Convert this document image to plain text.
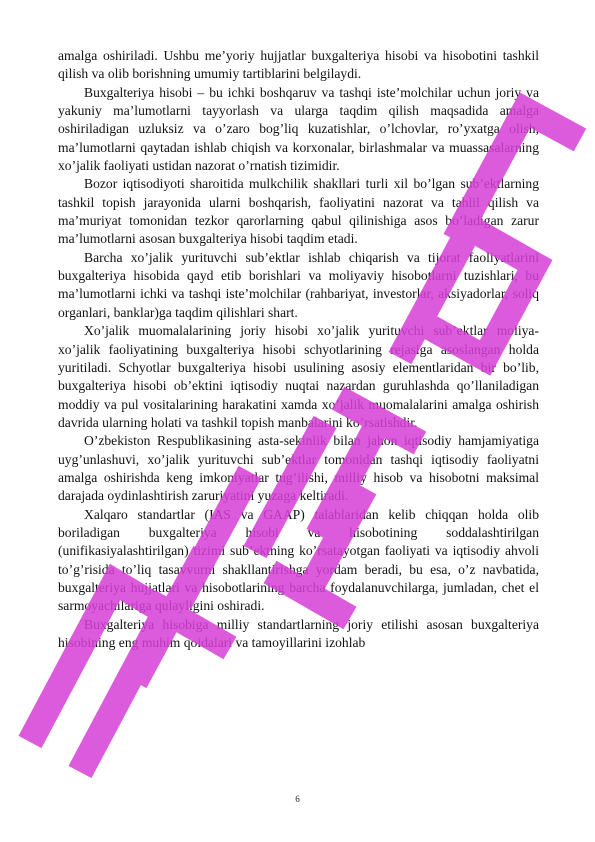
amalga oshiriladi. Ushbu me’yoriy hujjatlar buxgalteriya hisobi va hisobotini tashkil qilish va olib borishning umumiy tartiblarini belgilaydi.

Buxgalteriya hisobi – bu ichki boshqaruv va tashqi iste’molchilar uchun joriy va yakuniy ma’lumotlarni tayyorlash va ularga taqdim qilish maqsadida amalga oshiriladigan uzluksiz va o’zaro bog’liq kuzatishlar, o’lchovlar, ro’yxatga olish, ma’lumotlarni qaytadan ishlab chiqish va korxonalar, birlashmalar va muassasalarning xo’jalik faoliyati ustidan nazorat o’rnatish tizimidir.

Bozor iqtisodiyoti sharoitida mulkchilik shakllari turli xil bo’lgan sub’ektlarning tashkil topish jarayonida ularni boshqarish, faoliyatini nazorat va tahlil qilish va ma’muriyat tomonidan tezkor qarorlarning qabul qilinishiga asos bo’ladigan zarur ma’lumotlarni asosan buxgalteriya hisobi taqdim etadi.

Barcha xo’jalik yurituvchi sub’ektlar ishlab chiqarish va tijorat faoliyatlarini buxgalteriya hisobida qayd etib borishlari va moliyaviy hisobotlarni tuzishlari, bu ma’lumotlarni ichki va tashqi iste’molchilar (rahbariyat, investorlar, aksiyadorlar, soliq organlari, banklar)ga taqdim qilishlari shart.

Xo’jalik muomalalarining joriy hisobi xo’jalik yurituvchi sub’ektlar moliya-xo’jalik faoliyatining buxgalteriya hisobi schyotlarining rejasiga asoslangan holda yuritiladi. Schyotlar buxgalteriya hisobi usulining asosiy elementlaridan bir bo’lib, buxgalteriya hisobi ob’ektini iqtisodiy nuqtai nazardan guruhlashda qo’llaniladigan moddiy va pul vositalarining harakatini xamda xo’jalik muomalalarini amalga oshirish davrida ularning holati va tashkil topish manbalarini ko’rsatishdir.

O’zbekiston Respublikasining asta-sekinlik bilan jahon iqtisodiy hamjamiyatiga uyg’unlashuvi, xo’jalik yurituvchi sub’ektlar tomonidan tashqi iqtisodiy faoliyatni amalga oshirishda keng imkoniyatlar tug’ilishi, milliy hisob va hisobotni maksimal darajada oydinlashtirish zaruriyatini yuzaga keltiradi.

Xalqaro standartlar (IAS va GAAP) talablaridan kelib chiqqan holda olib boriladigan buxgalteriya hisobi va hisobotining soddalashtirilgan (unifikasiyalashtirilgan) tizimi sub’ektning ko’rsatayotgan faoliyati va iqtisodiy ahvoli to’g’risida to’liq tasavvurni shakllantirishga yordam beradi, bu esa, o’z navbatida, buxgalteriya hujjatlari va hisobotlarining barcha foydalanuvchilarga, jumladan, chet el sarmoyachilariga qulayligini oshiradi.

Buxgalteriya hisobiga milliy standartlarning joriy etilishi asosan buxgalteriya hisobining eng muhim qoidalari va tamoyillarini izohlab

6
